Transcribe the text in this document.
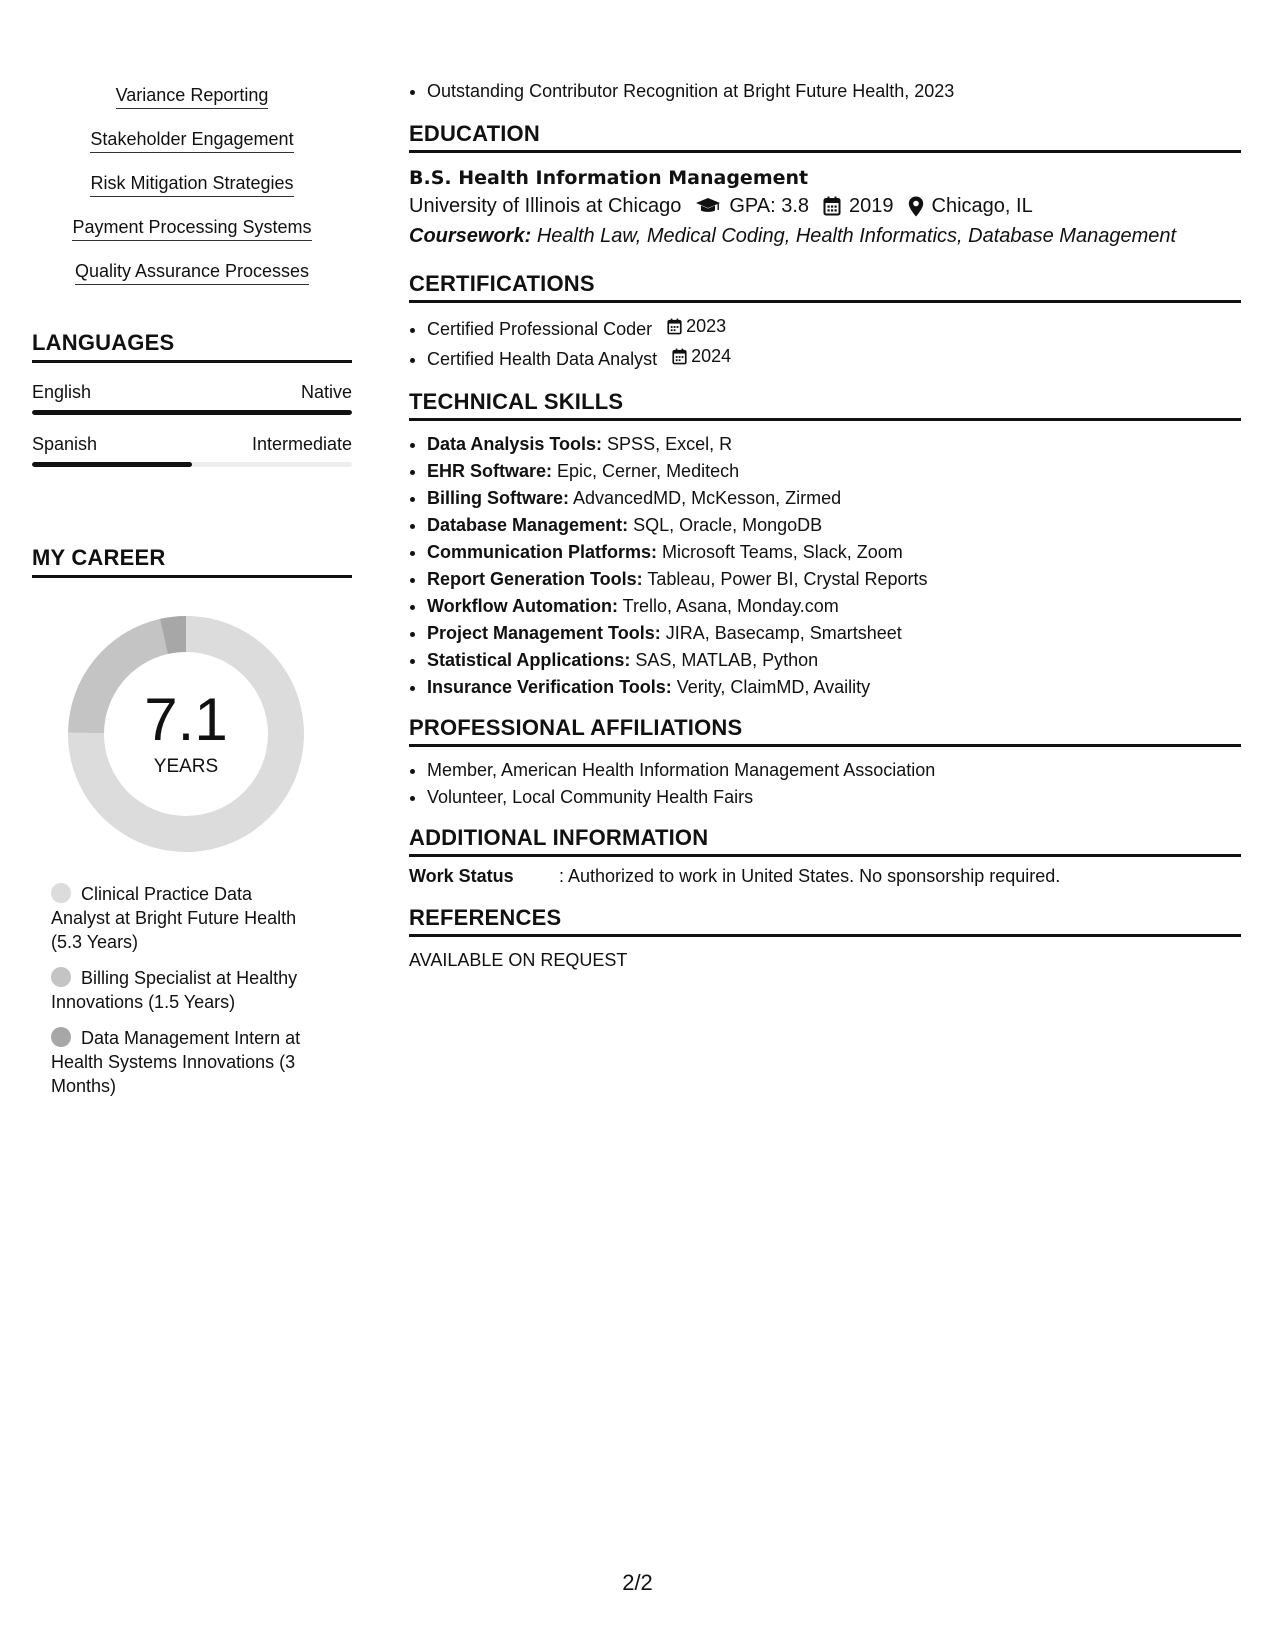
Variance Reporting
Stakeholder Engagement
Risk Mitigation Strategies
Payment Processing Systems
Quality Assurance Processes
LANGUAGES
English	Native
Spanish	Intermediate
MY CAREER
7.1
YEARS
Clinical Practice Data Analyst at Bright Future Health (5.3 Years)
Billing Specialist at Healthy Innovations (1.5 Years)
Data Management Intern at Health Systems Innovations (3 Months)
• Outstanding Contributor Recognition at Bright Future Health, 2023
EDUCATION
B.S. Health Information Management
University of Illinois at Chicago GPA: 3.8 2019 Chicago, IL
Coursework: Health Law, Medical Coding, Health Informatics, Database Management
CERTIFICATIONS
• Certified Professional Coder 2023
• Certified Health Data Analyst 2024
TECHNICAL SKILLS
• Data Analysis Tools: SPSS, Excel, R
• EHR Software: Epic, Cerner, Meditech
• Billing Software: AdvancedMD, McKesson, Zirmed
• Database Management: SQL, Oracle, MongoDB
• Communication Platforms: Microsoft Teams, Slack, Zoom
• Report Generation Tools: Tableau, Power BI, Crystal Reports
• Workflow Automation: Trello, Asana, Monday.com
• Project Management Tools: JIRA, Basecamp, Smartsheet
• Statistical Applications: SAS, MATLAB, Python
• Insurance Verification Tools: Verity, ClaimMD, Availity
PROFESSIONAL AFFILIATIONS
• Member, American Health Information Management Association
• Volunteer, Local Community Health Fairs
ADDITIONAL INFORMATION
Work Status	: Authorized to work in United States. No sponsorship required.
REFERENCES
AVAILABLE ON REQUEST
2/2
